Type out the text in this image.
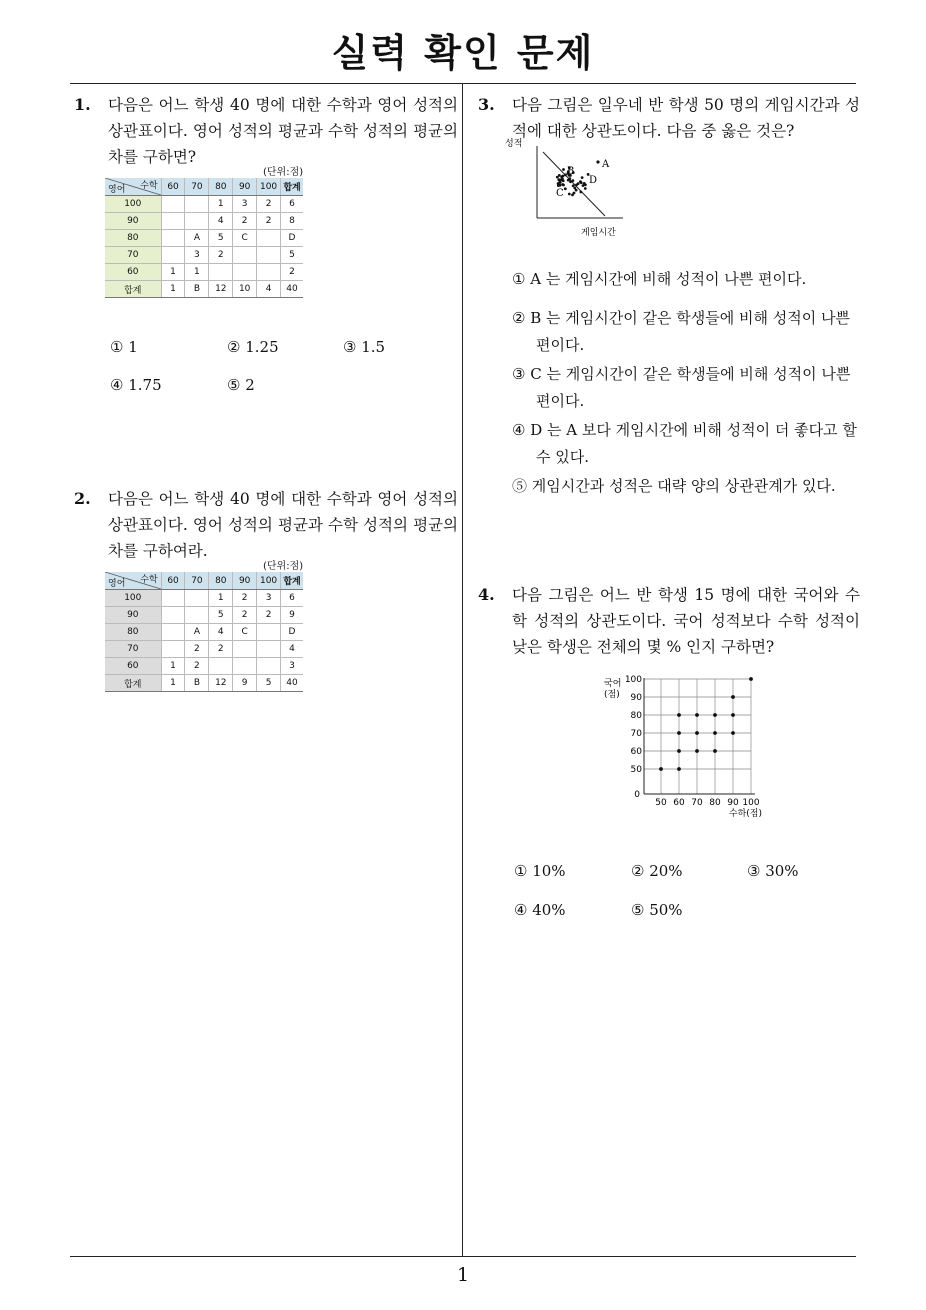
실력 확인 문제
1
1. 다음은 어느 학생 40 명에 대한 수학과 영어 성적의 상관표이다. 영어 성적의 평균과 수학 성적의 평균의 차를 구하면?
(단위:점)
수학
영어	60	70	80	90	100	합계
100			1	3	2	6
90			4	2	2	8
80		A	5	C		D
70		3	2			5
60	1	1				2
합계	1	B	12	10	4	40
① 1	② 1.25	③ 1.5
④ 1.75	⑤ 2
2. 다음은 어느 학생 40 명에 대한 수학과 영어 성적의 상관표이다. 영어 성적의 평균과 수학 성적의 평균의 차를 구하여라.
(단위:점)
수학
영어	60	70	80	90	100	합계
100			1	2	3	6
90			5	2	2	9
80		A	4	C		D
70		2	2			4
60	1	2				3
합계	1	B	12	9	5	40
3. 다음 그림은 일우네 반 학생 50 명의 게임시간과 성적에 대한 상관도이다. 다음 중 옳은 것은?
성적
A
B
C
D
게임시간
① A 는 게임시간에 비해 성적이 나쁜 편이다.
② B 는 게임시간이 같은 학생들에 비해 성적이 나쁜 편이다.
③ C 는 게임시간이 같은 학생들에 비해 성적이 나쁜 편이다.
④ D 는 A 보다 게임시간에 비해 성적이 더 좋다고 할 수 있다.
⑤ 게임시간과 성적은 대략 양의 상관관계가 있다.
4. 다음 그림은 어느 반 학생 15 명에 대한 국어와 수학 성적의 상관도이다. 국어 성적보다 수학 성적이 낮은 학생은 전체의 몇 % 인지 구하면?
50 60 70 80 90 100
50
60
70
80
90
100
0
국어 (점)
수하(점)
① 10%	② 20%	③ 30%
④ 40%	⑤ 50%
